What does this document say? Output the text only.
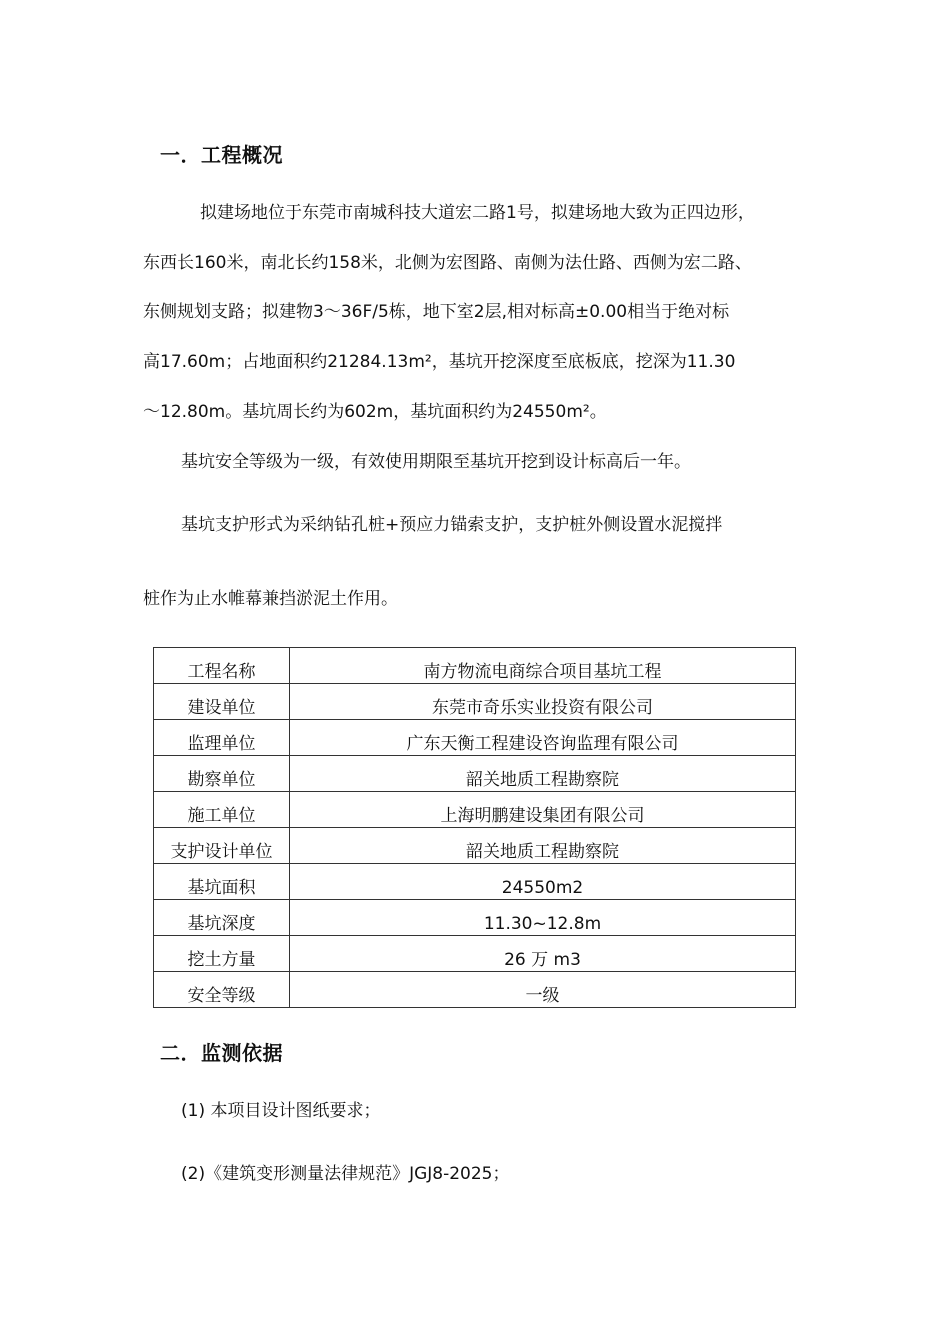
一．工程概况
拟建场地位于东莞市南城科技大道宏二路1号，拟建场地大致为正四边形，
东西长160米，南北长约158米，北侧为宏图路、南侧为法仕路、西侧为宏二路、
东侧规划支路；拟建物3～36F/5栋，地下室2层,相对标高±0.00相当于绝对标
高17.60m；占地面积约21284.13m²，基坑开挖深度至底板底，挖深为11.30
～12.80m。基坑周长约为602m，基坑面积约为24550m²。
基坑安全等级为一级，有效使用期限至基坑开挖到设计标高后一年。
基坑支护形式为采纳钻孔桩+预应力锚索支护，支护桩外侧设置水泥搅拌
桩作为止水帷幕兼挡淤泥土作用。
工程名称	南方物流电商综合项目基坑工程
建设单位	东莞市奇乐实业投资有限公司
监理单位	广东天衡工程建设咨询监理有限公司
勘察单位	韶关地质工程勘察院
施工单位	上海明鹏建设集团有限公司
支护设计单位	韶关地质工程勘察院
基坑面积	24550m2
基坑深度	11.30~12.8m
挖土方量	26 万 m3
安全等级	一级
二．监测依据
(1) 本项目设计图纸要求；
(2)《建筑变形测量法律规范》JGJ8-2025；
